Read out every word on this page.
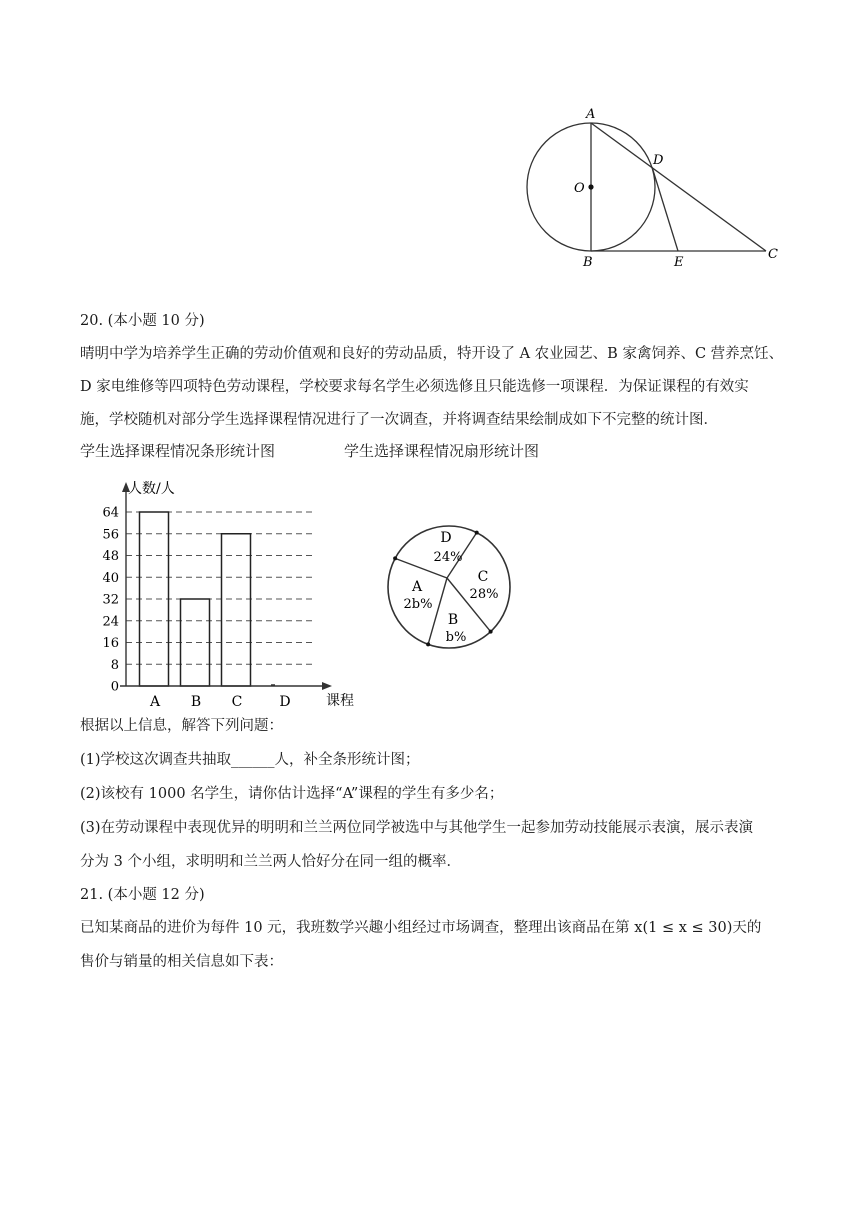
A
O
D
B	E
C
20. (本小题 10 分)
晴明中学为培养学生正确的劳动价值观和良好的劳动品质，特开设了 A 农业园艺、B 家禽饲养、C 营养烹饪、
D 家电维修等四项特色劳动课程，学校要求每名学生必须选修且只能选修一项课程．为保证课程的有效实
施，学校随机对部分学生选择课程情况进行了一次调查，并将调查结果绘制成如下不完整的统计图．
学生选择课程情况条形统计图	学生选择课程情况扇形统计图
0
8
16
24
32
40
48
56
64
A B C	D
人数/人
课程
D
24%
C
28%
B
b%
A
2b%
根据以上信息，解答下列问题：
(1)学校这次调查共抽取______人，补全条形统计图；
(2)该校有 1000 名学生，请你估计选择“A”课程的学生有多少名；
(3)在劳动课程中表现优异的明明和兰兰两位同学被选中与其他学生一起参加劳动技能展示表演，展示表演
分为 3 个小组，求明明和兰兰两人恰好分在同一组的概率．
21. (本小题 12 分)
已知某商品的进价为每件 10 元，我班数学兴趣小组经过市场调查，整理出该商品在第 x(1 ≤ x ≤ 30)天的
售价与销量的相关信息如下表：
